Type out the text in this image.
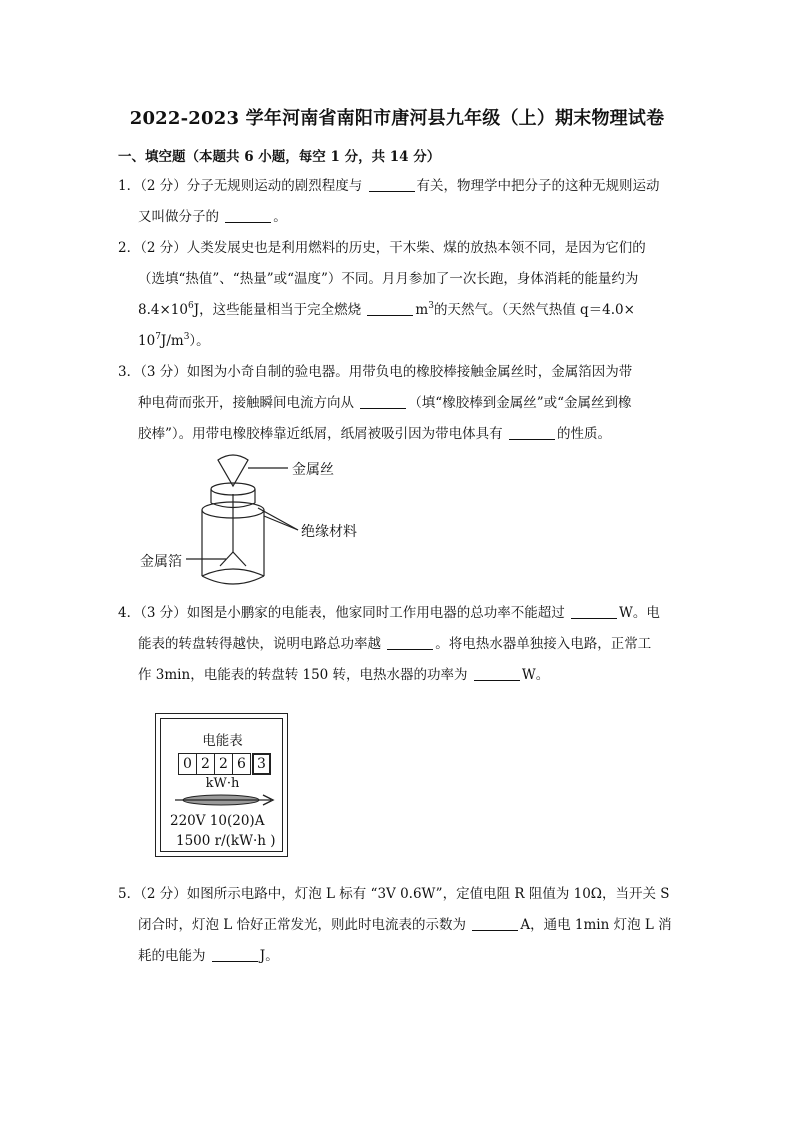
2022-2023 学年河南省南阳市唐河县九年级（上）期末物理试卷
一、填空题（本题共 6 小题，每空 1 分，共 14 分）
1．（2 分）分子无规则运动的剧烈程度与	有关，物理学中把分子的这种无规则运动
又叫做分子的	。
2．（2 分）人类发展史也是利用燃料的历史，干木柴、煤的放热本领不同，是因为它们的
（选填“热值”、“热量”或“温度”）不同。月月参加了一次长跑，身体消耗的能量约为
$8.4\times 10^6J$，这些能量相当于完全燃烧	$m^3$的天然气。（天然气热值 q＝4.0×
$10^7J/m^3$）。
3．（3 分）如图为小奇自制的验电器。用带负电的橡胶棒接触金属丝时，金属箔因为带
种电荷而张开，接触瞬间电流方向从	（填“橡胶棒到金属丝”或“金属丝到橡
胶棒”）。用带电橡胶棒靠近纸屑，纸屑被吸引因为带电体具有	的性质。
金属丝
绝缘材料
金属箔
4．（3 分）如图是小鹏家的电能表，他家同时工作用电器的总功率不能超过	W。电
能表的转盘转得越快，说明电路总功率越	。将电热水器单独接入电路，正常工
作 3min，电能表的转盘转 150 转，电热水器的功率为	W。
电能表
0 2 2 6 3
kW·h
220V 10(20)A
1500 r/(kW·h )
5．（2 分）如图所示电路中，灯泡 L 标有 “3V 0.6W”，定值电阻 R 阻值为 10Ω，当开关 S
闭合时，灯泡 L 恰好正常发光，则此时电流表的示数为	A，通电 1min 灯泡 L 消
耗的电能为	J。
